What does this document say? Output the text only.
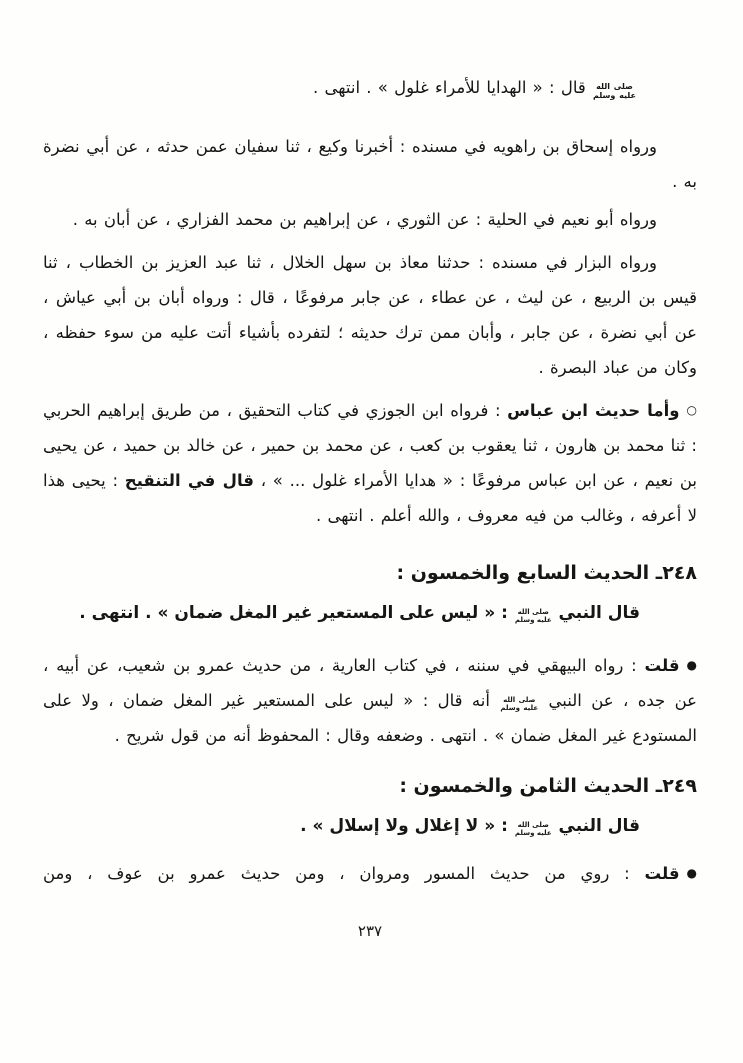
صلى الله
عليه وسلم
قال : « الهدايا للأمراء غلول » . انتهى .

ورواه إسحاق بن راهويه في مسنده : أخبرنا وكيع ، ثنا سفيان عمن حدثه ، عن أبي نضرة به .

ورواه أبو نعيم في الحلية : عن الثوري ، عن إبراهيم بن محمد الفزاري ، عن أبان به .

ورواه البزار في مسنده : حدثنا معاذ بن سهل الخلال ، ثنا عبد العزيز بن الخطاب ، ثنا قيس بن الربيع ، عن ليث ، عن عطاء ، عن جابر مرفوعًا ، قال : ورواه أبان بن أبي عياش ، عن أبي نضرة ، عن جابر ، وأبان ممن ترك حديثه ؛ لتفرده بأشياء أتت عليه من سوء حفظه ، وكان من عباد البصرة .

○وأما حديث ابن عباس : فرواه ابن الجوزي في كتاب التحقيق ، من طريق إبراهيم الحربي : ثنا محمد بن هارون ، ثنا يعقوب بن كعب ، عن محمد بن حمير ، عن خالد بن حميد ، عن يحيى بن نعيم ، عن ابن عباس مرفوعًا : « هدايا الأمراء غلول ... » ، قال في التنقيح : يحيى هذا لا أعرفه ، وغالب من فيه معروف ، والله أعلم . انتهى .

٢٤٨ـ الحديث السابع والخمسون :

قال النبي
صلى الله
عليه وسلم
: « ليس على المستعير غير المغل ضمان » . انتهى .

●قلت : رواه البيهقي في سننه ، في كتاب العارية ، من حديث عمرو بن شعيب، عن أبيه ، عن جده ، عن النبي
صلى الله
عليه وسلم
أنه قال : « ليس على المستعير غير المغل ضمان ، ولا على المستودع غير المغل ضمان » . انتهى . وضعفه وقال : المحفوظ أنه من قول شريح .

٢٤٩ـ الحديث الثامن والخمسون :

قال النبي
صلى الله
عليه وسلم
: « لا إغلال ولا إسلال » .

●قلت : روي من حديث المسور ومروان ، ومن حديث عمرو بن عوف ، ومن

٢٣٧
